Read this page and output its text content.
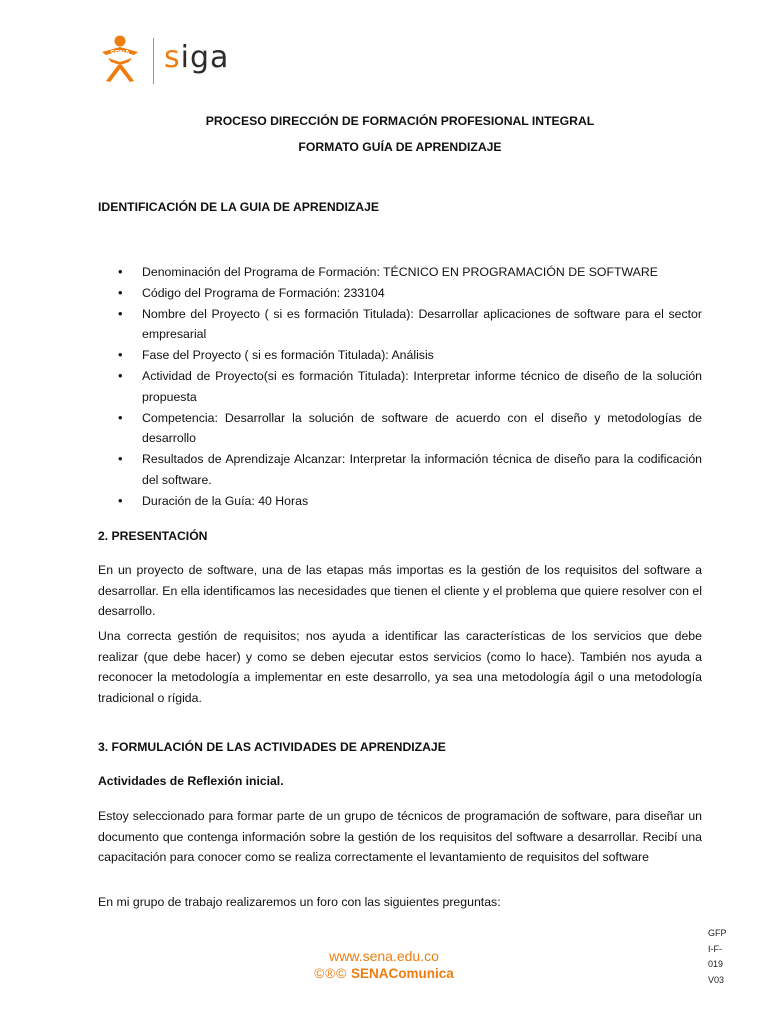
SENA siga
PROCESO DIRECCIÓN DE FORMACIÓN PROFESIONAL INTEGRAL
FORMATO GUÍA DE APRENDIZAJE
IDENTIFICACIÓN DE LA GUIA DE APRENDIZAJE
• Denominación del Programa de Formación: TÉCNICO EN PROGRAMACIÓN DE SOFTWARE
• Código del Programa de Formación: 233104
• Nombre del Proyecto ( si es formación Titulada): Desarrollar aplicaciones de software para el sector empresarial
• Fase del Proyecto ( si es formación Titulada): Análisis
• Actividad de Proyecto(si es formación Titulada): Interpretar informe técnico de diseño de la solución propuesta
• Competencia: Desarrollar la solución de software de acuerdo con el diseño y metodologías de desarrollo
• Resultados de Aprendizaje Alcanzar: Interpretar la información técnica de diseño para la codificación del software.
• Duración de la Guía: 40 Horas
2. PRESENTACIÓN

En un proyecto de software, una de las etapas más importas es la gestión de los requisitos del software a desarrollar. En ella identificamos las necesidades que tienen el cliente y el problema que quiere resolver con el desarrollo.

Una correcta gestión de requisitos; nos ayuda a identificar las características de los servicios que debe realizar (que debe hacer) y como se deben ejecutar estos servicios (como lo hace). También nos ayuda a reconocer la metodología a implementar en este desarrollo, ya sea una metodología ágil o una metodología tradicional o rígida.

3. FORMULACIÓN DE LAS ACTIVIDADES DE APRENDIZAJE
Actividades de Reflexión inicial.

Estoy seleccionado para formar parte de un grupo de técnicos de programación de software, para diseñar un documento que contenga información sobre la gestión de los requisitos del software a desarrollar. Recibí una capacitación para conocer como se realiza correctamente el levantamiento de requisitos del software

En mi grupo de trabajo realizaremos un foro con las siguientes preguntas:

www.sena.edu.co
©®© SENAComunica
GFP
I-F-
019
V03
